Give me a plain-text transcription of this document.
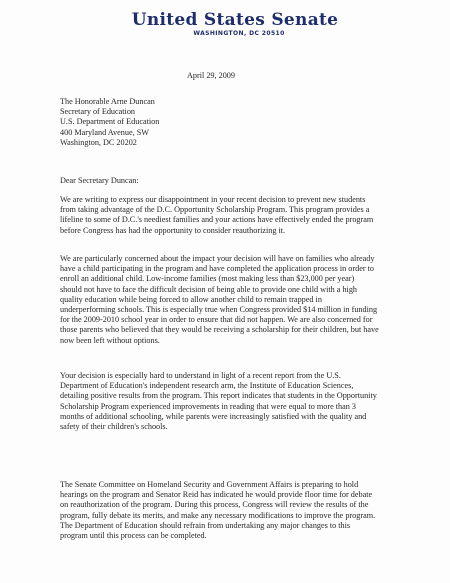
United States Senate
WASHINGTON, DC 20510
April 29, 2009
The Honorable Arne Duncan
Secretary of Education
U.S. Department of Education
400 Maryland Avenue, SW
Washington, DC 20202
Dear Secretary Duncan:
We are writing to express our disappointment in your recent decision to prevent new students
from taking advantage of the D.C. Opportunity Scholarship Program. This program provides a
lifeline to some of D.C.'s neediest families and your actions have effectively ended the program
before Congress has had the opportunity to consider reauthorizing it.
We are particularly concerned about the impact your decision will have on families who already
have a child participating in the program and have completed the application process in order to
enroll an additional child. Low-income families (most making less than $23,000 per year)
should not have to face the difficult decision of being able to provide one child with a high
quality education while being forced to allow another child to remain trapped in
underperforming schools. This is especially true when Congress provided $14 million in funding
for the 2009-2010 school year in order to ensure that did not happen. We are also concerned for
those parents who believed that they would be receiving a scholarship for their children, but have
now been left without options.
Your decision is especially hard to understand in light of a recent report from the U.S.
Department of Education's independent research arm, the Institute of Education Sciences,
detailing positive results from the program. This report indicates that students in the Opportunity
Scholarship Program experienced improvements in reading that were equal to more than 3
months of additional schooling, while parents were increasingly satisfied with the quality and
safety of their children's schools.
The Senate Committee on Homeland Security and Government Affairs is preparing to hold
hearings on the program and Senator Reid has indicated he would provide floor time for debate
on reauthorization of the program. During this process, Congress will review the results of the
program, fully debate its merits, and make any necessary modifications to improve the program.
The Department of Education should refrain from undertaking any major changes to this
program until this process can be completed.
